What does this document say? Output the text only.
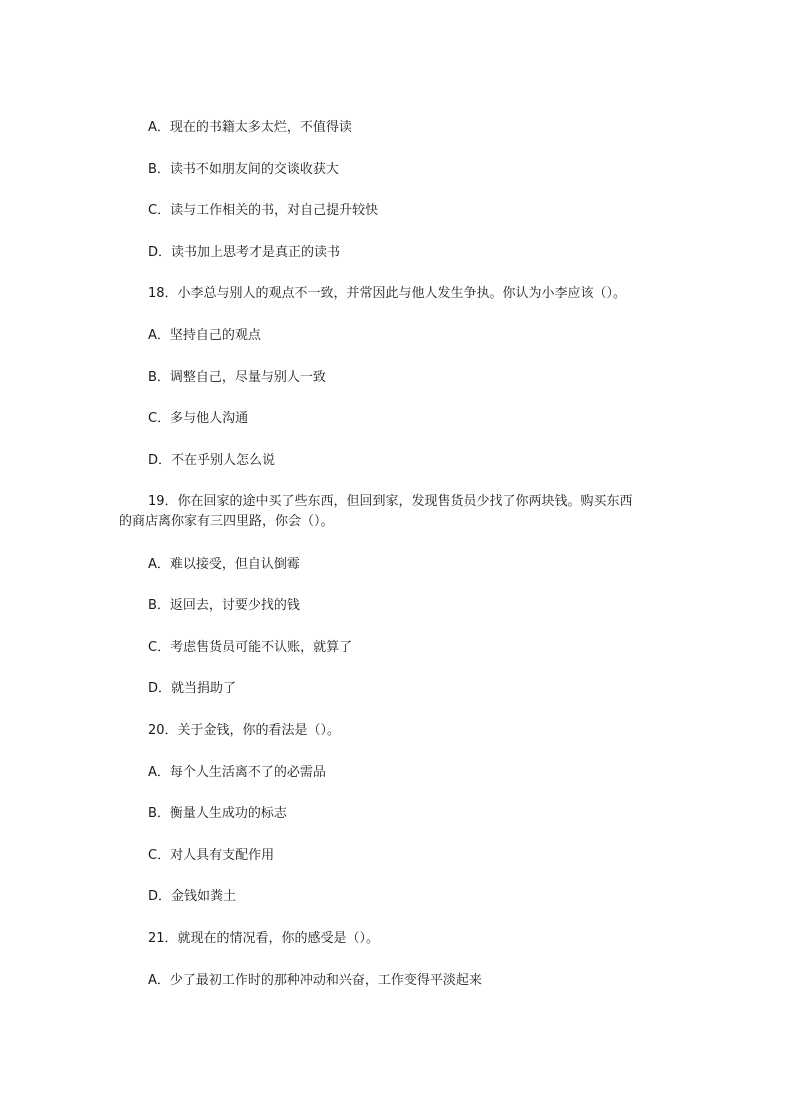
A．现在的书籍太多太烂，不值得读
B．读书不如朋友间的交谈收获大
C．读与工作相关的书，对自己提升较快
D．读书加上思考才是真正的读书
18．小李总与别人的观点不一致，并常因此与他人发生争执。你认为小李应该（）。
A．坚持自己的观点
B．调整自己，尽量与别人一致
C．多与他人沟通
D．不在乎别人怎么说
19．你在回家的途中买了些东西，但回到家，发现售货员少找了你两块钱。购买东西
的商店离你家有三四里路，你会（）。
A．难以接受，但自认倒霉
B．返回去，讨要少找的钱
C．考虑售货员可能不认账，就算了
D．就当捐助了
20．关于金钱，你的看法是（）。
A．每个人生活离不了的必需品
B．衡量人生成功的标志
C．对人具有支配作用
D．金钱如粪土
21．就现在的情况看，你的感受是（）。
A．少了最初工作时的那种冲动和兴奋，工作变得平淡起来
